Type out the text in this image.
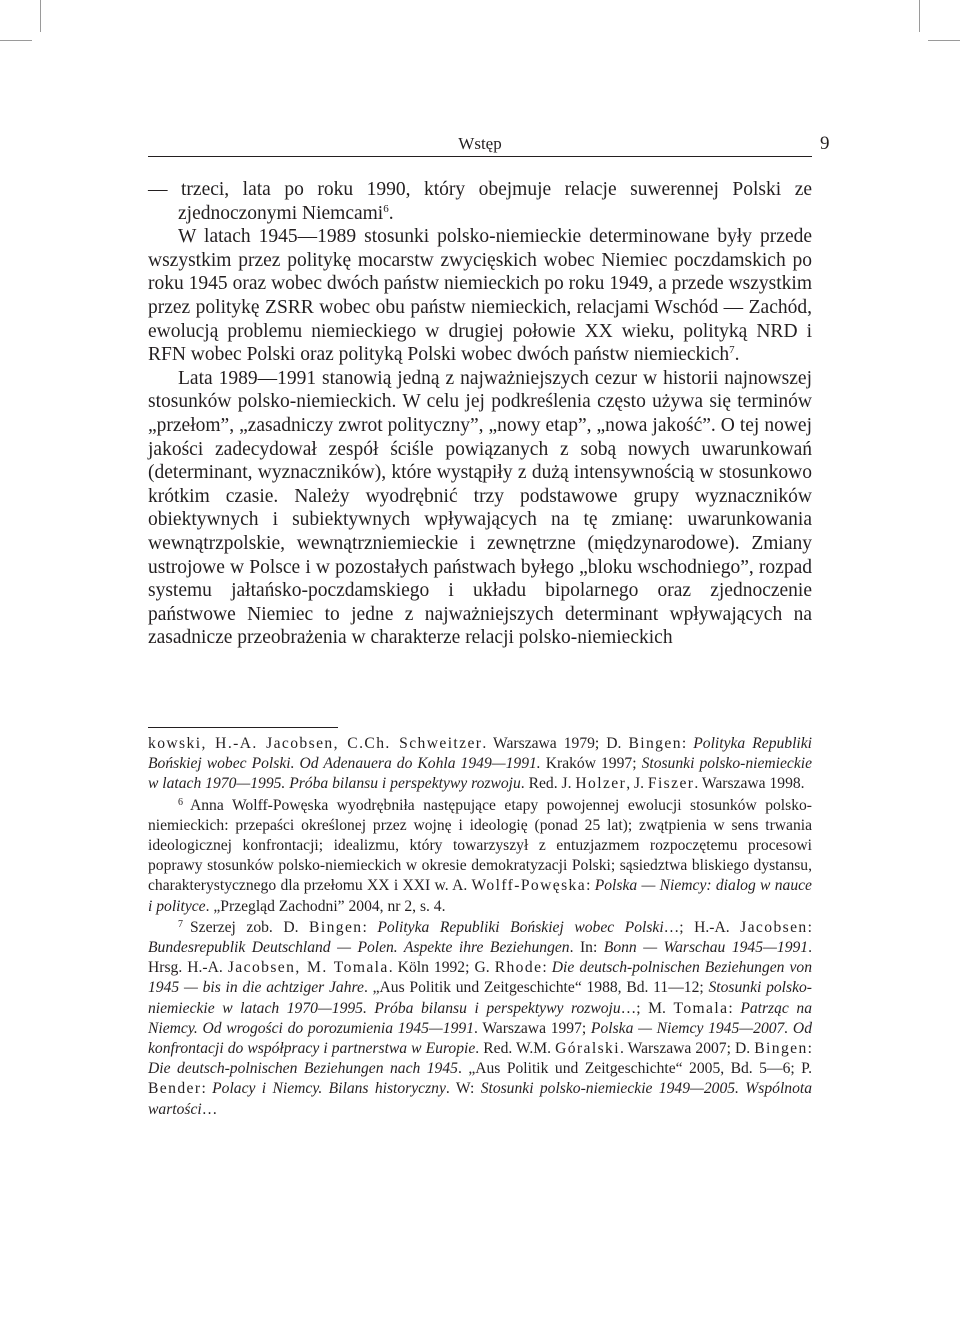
Wstęp	9

— trzeci, lata po roku 1990, który obejmuje relacje suwerennej Polski ze zjednoczonymi Niemcami$^6$.

W latach 1945—1989 stosunki polsko-niemieckie determinowane były przede wszystkim przez politykę mocarstw zwycięskich wobec Niemiec poczdamskich po roku 1945 oraz wobec dwóch państw niemieckich po roku 1949, a przede wszystkim przez politykę ZSRR wobec obu państw niemieckich, relacjami Wschód — Zachód, ewolucją problemu niemieckiego w drugiej połowie XX wieku, polityką NRD i RFN wobec Polski oraz polityką Polski wobec dwóch państw niemieckich$^7$.

Lata 1989—1991 stanowią jedną z najważniejszych cezur w historii najnowszej stosunków polsko-niemieckich. W celu jej podkreślenia często używa się terminów „przełom”, „zasadniczy zwrot polityczny”, „nowy etap”, „nowa jakość”. O tej nowej jakości zadecydował zespół ściśle powiązanych z sobą nowych uwarunkowań (determinant, wyznaczników), które wystąpiły z dużą intensywnością w stosunkowo krótkim czasie. Należy wyodrębnić trzy podstawowe grupy wyznaczników obiektywnych i subiektywnych wpływających na tę zmianę: uwarunkowania wewnątrzpolskie, wewnątrzniemieckie i zewnętrzne (międzynarodowe). Zmiany ustrojowe w Polsce i w pozostałych państwach byłego „bloku wschodniego”, rozpad systemu jałtańsko-poczdamskiego i układu bipolarnego oraz zjednoczenie państwowe Niemiec to jedne z najważniejszych determinant wpływających na zasadnicze przeobrażenia w charakterze relacji polsko-niemieckich

kowski, H.-A. Jacobsen, C.Ch. Schweitzer. Warszawa 1979; D. Bingen: Polityka Republiki Bońskiej wobec Polski. Od Adenauera do Kohla 1949—1991. Kraków 1997; Stosunki polsko-niemieckie w latach 1970—1995. Próba bilansu i perspektywy rozwoju. Red. J. Holzer, J. Fiszer. Warszawa 1998.

$^6$ Anna Wolff-Powęska wyodrębniła następujące etapy powojennej ewolucji stosunków polsko-niemieckich: przepaści określonej przez wojnę i ideologię (ponad 25 lat); zwątpienia w sens trwania ideologicznej konfrontacji; idealizmu, który towarzyszył z entuzjazmem rozpoczętemu procesowi poprawy stosunków polsko-niemieckich w okresie demokratyzacji Polski; sąsiedztwa bliskiego dystansu, charakterystycznego dla przełomu XX i XXI w. A. Wolff-Powęska: Polska — Niemcy: dialog w nauce i polityce. „Przegląd Zachodni” 2004, nr 2, s. 4.

$^7$ Szerzej zob. D. Bingen: Polityka Republiki Bońskiej wobec Polski…; H.-A. Jacobsen: Bundesrepublik Deutschland — Polen. Aspekte ihre Beziehungen. In: Bonn — Warschau 1945—1991. Hrsg. H.-A. Jacobsen, M. Tomala. Köln 1992; G. Rhode: Die deutsch-polnischen Beziehungen von 1945 — bis in die achtziger Jahre. „Aus Politik und Zeitgeschichte“ 1988, Bd. 11—12; Stosunki polsko-niemieckie w latach 1970—1995. Próba bilansu i perspektywy rozwoju…; M. Tomala: Patrząc na Niemcy. Od wrogości do porozumienia 1945—1991. Warszawa 1997; Polska — Niemcy 1945—2007. Od konfrontacji do współpracy i partnerstwa w Europie. Red. W.M. Góralski. Warszawa 2007; D. Bingen: Die deutsch-polnischen Beziehungen nach 1945. „Aus Politik und Zeitgeschichte“ 2005, Bd. 5—6; P. Bender: Polacy i Niemcy. Bilans historyczny. W: Stosunki polsko-niemieckie 1949—2005. Wspólnota wartości…
